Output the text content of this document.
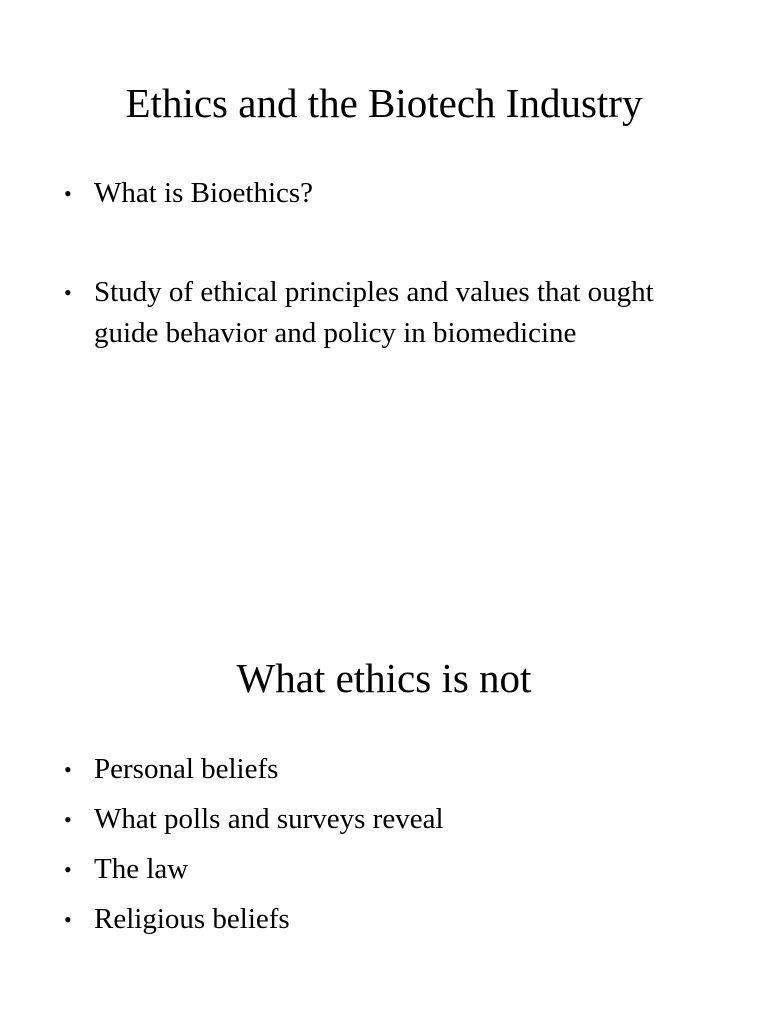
Ethics and the Biotech Industry
• What is Bioethics?
• Study of ethical principles and values that ought guide behavior and policy in biomedicine
What ethics is not
• Personal beliefs
• What polls and surveys reveal
• The law
• Religious beliefs
